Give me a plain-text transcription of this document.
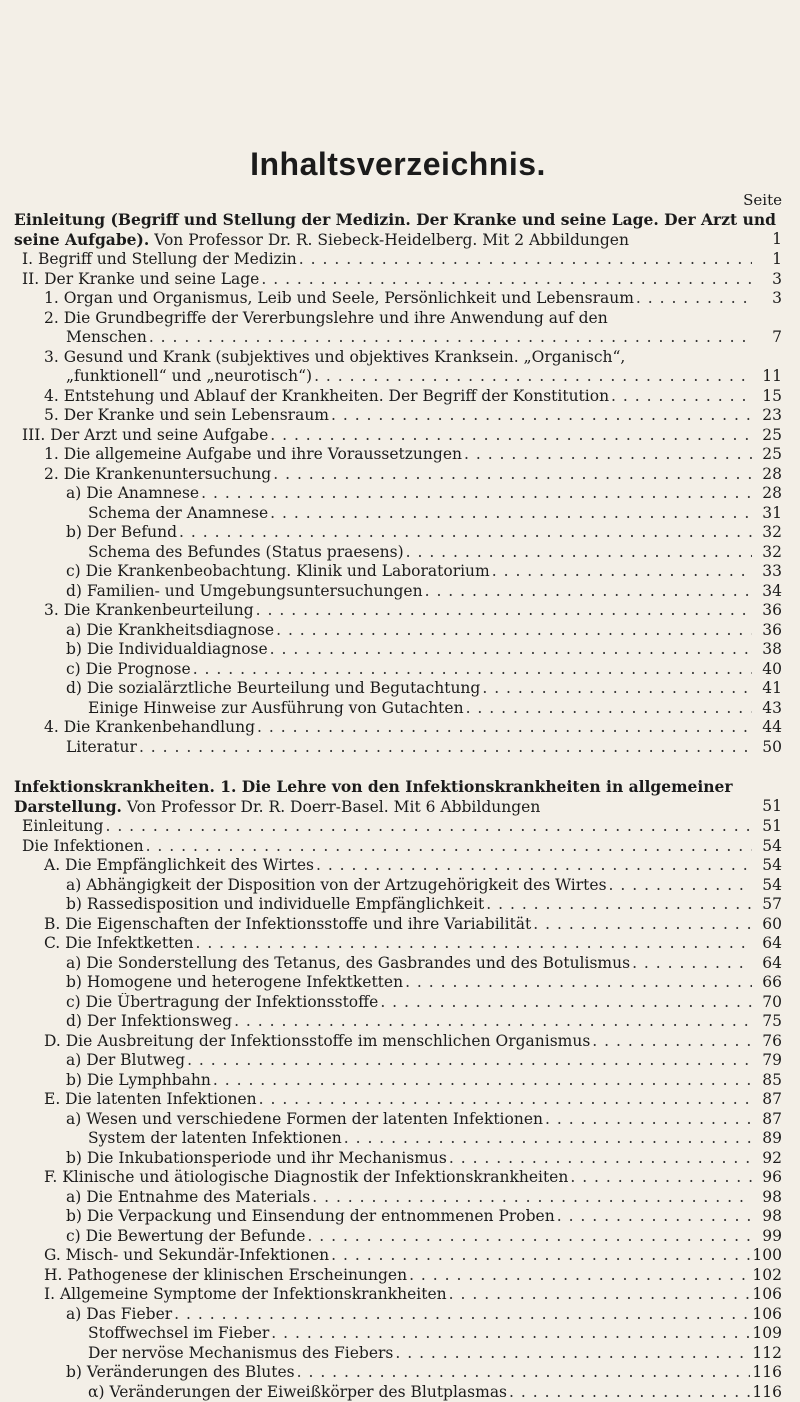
Inhaltsverzeichnis.
Seite
Einleitung (Begriff und Stellung der Medizin. Der Kranke und seine Lage. Der Arzt und seine Aufgabe). Von Professor Dr. R. Siebeck-Heidelberg. Mit 2 Abbildungen	1
I. Begriff und Stellung der Medizin . . .	1
II. Der Kranke und seine Lage . . .	3
1. Organ und Organismus, Leib und Seele, Persönlichkeit und Lebensraum . . .	3
2. Die Grundbegriffe der Vererbungslehre und ihre Anwendung auf den
Menschen . . .	7
3. Gesund und Krank (subjektives und objektives Kranksein. „Organisch“,
„funktionell“ und „neurotisch“) . . .	11
4. Entstehung und Ablauf der Krankheiten. Der Begriff der Konstitution . . .	15
5. Der Kranke und sein Lebensraum . . .	23
III. Der Arzt und seine Aufgabe . . .	25
1. Die allgemeine Aufgabe und ihre Voraussetzungen . . .	25
2. Die Krankenuntersuchung . . .	28
a) Die Anamnese . . .	28
Schema der Anamnese . . .	31
b) Der Befund . . .	32
Schema des Befundes (Status praesens) . . .	32
c) Die Krankenbeobachtung. Klinik und Laboratorium . . .	33
d) Familien- und Umgebungsuntersuchungen . . .	34
3. Die Krankenbeurteilung . . .	36
a) Die Krankheitsdiagnose . . .	36
b) Die Individualdiagnose . . .	38
c) Die Prognose . . .	40
d) Die sozialärztliche Beurteilung und Begutachtung . . .	41
Einige Hinweise zur Ausführung von Gutachten . . .	43
4. Die Krankenbehandlung . . .	44
Literatur . . .	50
Infektionskrankheiten. 1. Die Lehre von den Infektionskrankheiten in allgemeiner Darstellung. Von Professor Dr. R. Doerr-Basel. Mit 6 Abbildungen	51
Einleitung . . .	51
Die Infektionen . . .	54
A. Die Empfänglichkeit des Wirtes . . .	54
a) Abhängigkeit der Disposition von der Artzugehörigkeit des Wirtes . . .	54
b) Rassedisposition und individuelle Empfänglichkeit . . .	57
B. Die Eigenschaften der Infektionsstoffe und ihre Variabilität . . .	60
C. Die Infektketten . . .	64
a) Die Sonderstellung des Tetanus, des Gasbrandes und des Botulismus . . .	64
b) Homogene und heterogene Infektketten . . .	66
c) Die Übertragung der Infektionsstoffe . . .	70
d) Der Infektionsweg . . .	75
D. Die Ausbreitung der Infektionsstoffe im menschlichen Organismus . . .	76
a) Der Blutweg . . .	79
b) Die Lymphbahn . . .	85
E. Die latenten Infektionen . . .	87
a) Wesen und verschiedene Formen der latenten Infektionen . . .	87
System der latenten Infektionen . . .	89
b) Die Inkubationsperiode und ihr Mechanismus . . .	92
F. Klinische und ätiologische Diagnostik der Infektionskrankheiten . . .	96
a) Die Entnahme des Materials . . .	98
b) Die Verpackung und Einsendung der entnommenen Proben . . .	98
c) Die Bewertung der Befunde . . .	99
G. Misch- und Sekundär-Infektionen . . .	100
H. Pathogenese der klinischen Erscheinungen . . .	102
I. Allgemeine Symptome der Infektionskrankheiten . . .	106
a) Das Fieber . . .	106
Stoffwechsel im Fieber . . .	109
Der nervöse Mechanismus des Fiebers . . .	112
b) Veränderungen des Blutes . . .	116
α) Veränderungen der Eiweißkörper des Blutplasmas . . .	116
